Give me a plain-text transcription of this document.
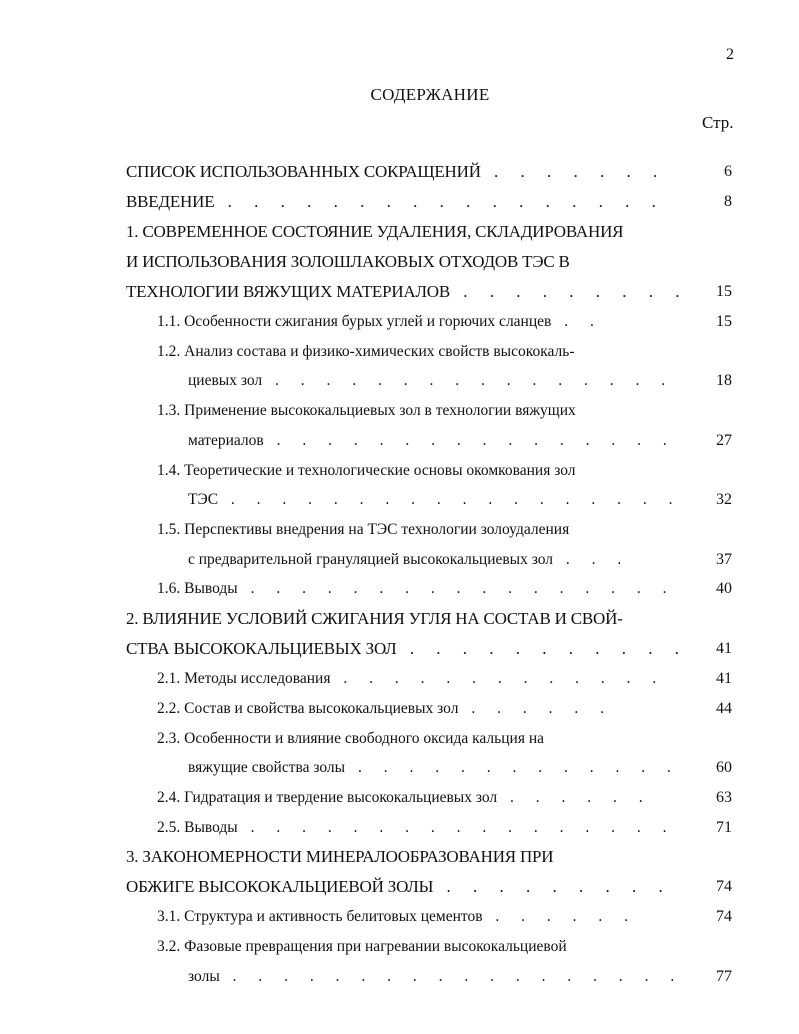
2
СОДЕРЖАНИЕ
Стр.
СПИСОК ИСПОЛЬЗОВАННЫХ СОКРАЩЕНИЙ . . . . . . .	6
ВВЕДЕНИЕ . . . . . . . . . . . . . . . . .	8
1. СОВРЕМЕННОЕ СОСТОЯНИЕ УДАЛЕНИЯ, СКЛАДИРОВАНИЯ
И ИСПОЛЬЗОВАНИЯ ЗОЛОШЛАКОВЫХ ОТХОДОВ ТЭС В
ТЕХНОЛОГИИ ВЯЖУЩИХ МАТЕРИАЛОВ . . . . . . . . .	15
1.1. Особенности сжигания бурых углей и горючих сланцев . .	15
1.2. Анализ состава и физико-химических свойств высококаль-
циевых зол . . . . . . . . . . . . . . . .	18
1.3. Применение высококальциевых зол в технологии вяжущих
материалов . . . . . . . . . . . . . . . .	27
1.4. Теоретические и технологические основы окомкования зол
ТЭС . . . . . . . . . . . . . . . . . .	32
1.5. Перспективы внедрения на ТЭС технологии золоудаления
с предварительной грануляцией высококальциевых зол . . .	37
1.6. Выводы . . . . . . . . . . . . . . . . .	40
2. ВЛИЯНИЕ УСЛОВИЙ СЖИГАНИЯ УГЛЯ НА СОСТАВ И СВОЙ-
СТВА ВЫСОКОКАЛЬЦИЕВЫХ ЗОЛ . . . . . . . . . . .	41
2.1. Методы исследования . . . . . . . . . . . . .	41
2.2. Состав и свойства высококальциевых зол . . . . . .	44
2.3. Особенности и влияние свободного оксида кальция на
вяжущие свойства золы . . . . . . . . . . . . .	60
2.4. Гидратация и твердение высококальциевых зол . . . . . .	63
2.5. Выводы . . . . . . . . . . . . . . . . .	71
3. ЗАКОНОМЕРНОСТИ МИНЕРАЛООБРАЗОВАНИЯ ПРИ
ОБЖИГЕ ВЫСОКОКАЛЬЦИЕВОЙ ЗОЛЫ . . . . . . . . .	74
3.1. Структура и активность белитовых цементов . . . . . .	74
3.2. Фазовые превращения при нагревании высококальциевой
золы . . . . . . . . . . . . . . . . . .	77
